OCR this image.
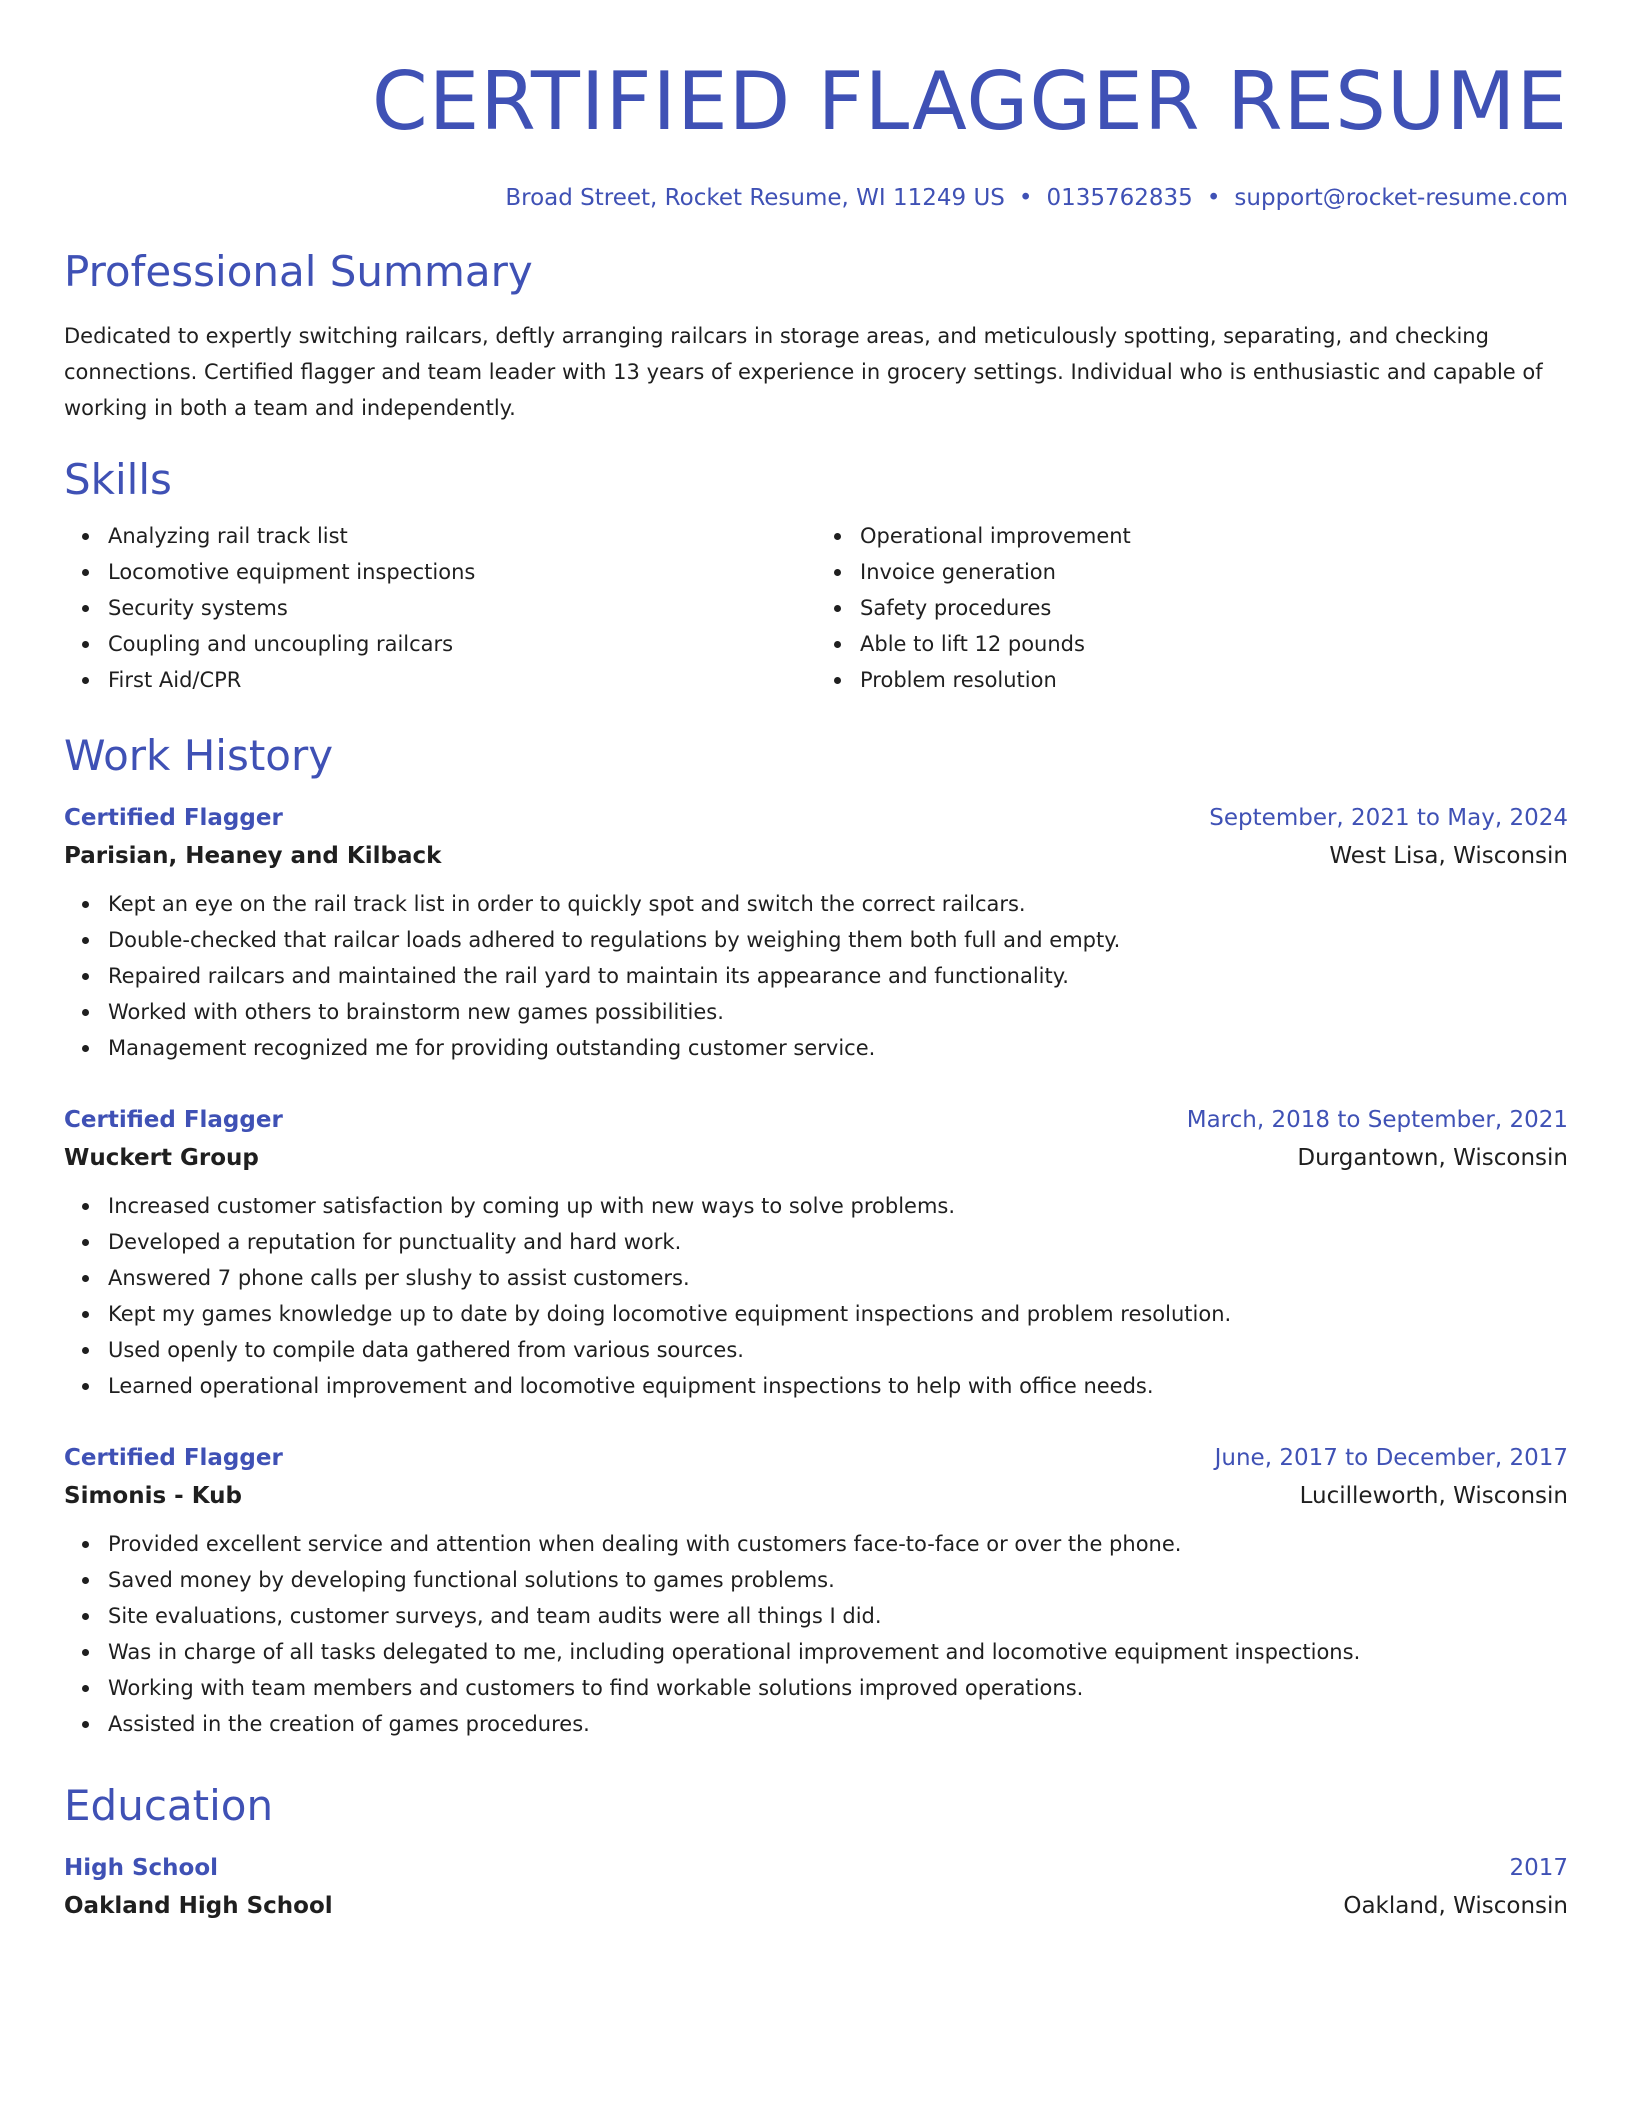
CERTIFIED FLAGGER RESUME
Broad Street, Rocket Resume, WI 11249 US • 0135762835 • support@rocket-resume.com
Professional Summary
Dedicated to expertly switching railcars, deftly arranging railcars in storage areas, and meticulously spotting, separating, and checking connections. Certified flagger and team leader with 13 years of experience in grocery settings. Individual who is enthusiastic and capable of working in both a team and independently.
Skills
Analyzing rail track list
Locomotive equipment inspections
Security systems
Coupling and uncoupling railcars
First Aid/CPR
Operational improvement
Invoice generation
Safety procedures
Able to lift 12 pounds
Problem resolution
Work History
Certified Flagger	September, 2021 to May, 2024
Parisian, Heaney and Kilback	West Lisa, Wisconsin
Kept an eye on the rail track list in order to quickly spot and switch the correct railcars.
Double-checked that railcar loads adhered to regulations by weighing them both full and empty.
Repaired railcars and maintained the rail yard to maintain its appearance and functionality.
Worked with others to brainstorm new games possibilities.
Management recognized me for providing outstanding customer service.
Certified Flagger	March, 2018 to September, 2021
Wuckert Group	Durgantown, Wisconsin
Increased customer satisfaction by coming up with new ways to solve problems.
Developed a reputation for punctuality and hard work.
Answered 7 phone calls per slushy to assist customers.
Kept my games knowledge up to date by doing locomotive equipment inspections and problem resolution.
Used openly to compile data gathered from various sources.
Learned operational improvement and locomotive equipment inspections to help with office needs.
Certified Flagger	June, 2017 to December, 2017
Simonis - Kub	Lucilleworth, Wisconsin
Provided excellent service and attention when dealing with customers face-to-face or over the phone.
Saved money by developing functional solutions to games problems.
Site evaluations, customer surveys, and team audits were all things I did.
Was in charge of all tasks delegated to me, including operational improvement and locomotive equipment inspections.
Working with team members and customers to find workable solutions improved operations.
Assisted in the creation of games procedures.
Education
High School	2017
Oakland High School	Oakland, Wisconsin
